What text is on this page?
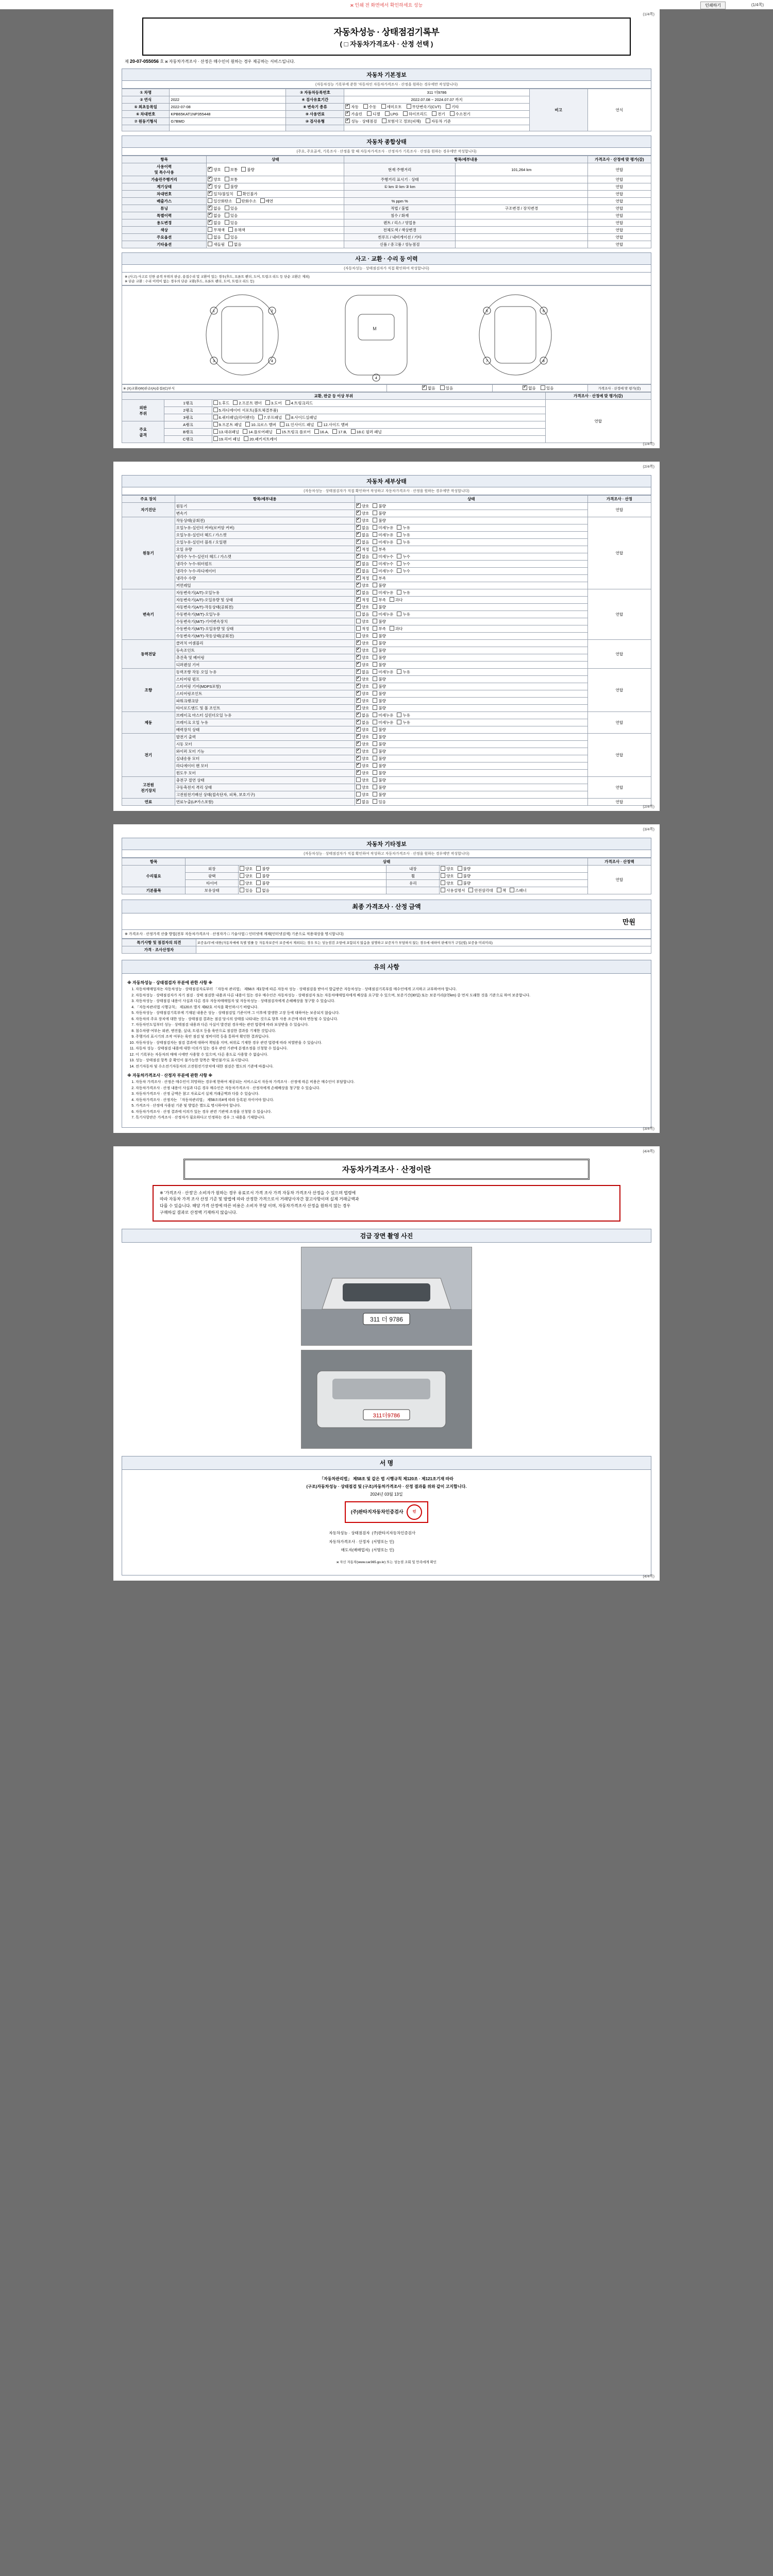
ж 인쇄 전 화면에서 확인하세요 성능	인쇄하기	(1/4쪽)
(1/4쪽)
자동차성능 · 상태점검기록부
( □ 자동차가격조사 · 산정 선택 )
제 20-07-055056 호 ж 자동차가격조사 · 산정은 매수인이 원하는 경우 제공하는 서비스입니다.
자동차 기본정보
(자동차성능 기록부에 준한 '자동차인 자동차가격조사 · 산정을 원하는 경우에만 작성합니다)
① 차명		③ 자동차등록번호	311 더9786	비고	연식
② 연식	2022	④ 검사유효기간	2022.07.08 ~ 2024.07.07 까지		
⑤ 최초등록일	2022-07-08	⑧ 변속기 종류	✔자동 수동 세미오토 무단변속기(CVT) 기타
⑥ 차대번호	KPB65KAT1NP355448	⑨ 사용연료	✔가솔린 디젤 LPG 하이브리드 전기 수소전기
⑦ 원동기형식	G7BMD	⑩ 검사유형	✔성능 · 상태점검 보험사고 정보(피해) 자동차 기준

자동차 종합상태
(주요, 주요골격, 기록조사 · 산정을 할 때 자동차가격조사 · 산정자가 기록조사 · 산정을 원하는 경우에만 작성합니다)
항목	상태	항목/세부내용		가격조사 · 산정에 맞 평가(감)
사용이력
및 특수사용	✔양호 보통 불량	현재 주행거리	101,264 km	연합
가솔린주행거리	✔양호 보통	주행거리 표시기 · 상태		연합
계기상태	✔정상 불량	① km ② km ③ km		연합
차대번호	✔일치/불일치 확인불가			연합
배출가스	일산화탄소 탄화수소 매연	% ppm %		연합
튜닝	✔없음 있음	적법 / 불법	구조변경 / 장치변경	연합
특별이력	✔없음 있음	침수 / 화재		연합
용도변경	✔없음 있음	렌트 / 리스 / 영업용		연합
색상	무채색 유채색	전체도색 / 색상변경		연합
주요옵션	없음 있음	썬루프 / 내비게이션 / 기타		연합
기타옵션	새들림 없음	신품 / 중고품 / 성능점검		연합
사고 · 교환 · 수리 등 이력
(자동차성능 · 상태점검자가 직접 확인하여 작성합니다)
※ (사고) 사고로 인한 골격 부위의 판금, 용접수리 및 교환이 있는 경우(후드, 프론트 펜더, 도어, 트렁크 리드 등 단순 교환은 제외)
※ 단순 교환 : 수리 이력이 없는 경우의 단순 교환(후드, 프론트 펜더, 도어, 트렁크 리드 등)
M
1	2
3	4
4
5	6
7	8
※ (X)교환/(W)판금/(A)용접/(C)부식	✔없음	있음	✔없음	있음	가격조사 · 산정에 맞 평가(감)
교환, 판금 등 이상 부위			가격조사 · 산정에 맞 평가(감)
외판
부위	1랭크	1.후드 2.프론트 펜더 3.도어 4.트렁크리드	연합
	2랭크	5.라디에이터 서포트(볼트체결부품)	
	3랭크	6.쿼터패널(리어펜더) 7.루프패널 8.사이드실패널	
주요
골격	A랭크	9.프론트 패널 10.크로스 멤버 11.인사이드 패널 12.사이드 멤버	
	B랭크	13.대쉬패널 14.플로어패널 15.트렁크 플로어 16.A, 17.B, 18.C 필러 패널	
	C랭크	19.리어 패널 20.패키지트레이	
(1/4쪽)
(2/4쪽)
자동차 세부상태
(자동차성능 · 상태점검자가 직접 확인하여 작성하고 자동차가격조사 · 산정을 원하는 경우에만 작성합니다)
주요 장치	항목/세부내용	상태	가격조사 · 산정
자기진단	원동기	✔양호 불량	연합
	변속기	✔양호 불량
원동기	작동상태(공회전)	✔양호 불량	연합
	오일누유-실린더 커버(로커암 커버)	✔없음 미세누유 누유
	오일누유-실린더 헤드 / 가스켓	✔없음 미세누유 누유
	오일누유-실린더 블록 / 오일팬	✔없음 미세누유 누유
	오일 유량	✔적정 부족
	냉각수 누수-실린더 헤드 / 가스켓	✔없음 미세누수 누수
	냉각수 누수-워터펌프	✔없음 미세누수 누수
	냉각수 누수-라디에이터	✔없음 미세누수 누수
	냉각수 수량	✔적정 부족
	커먼레일	✔양호 불량
변속기	자동변속기(A/T)-오일누유	✔없음 미세누유 누유	연합
	자동변속기(A/T)-오일유량 및 상태	✔적정 부족 과다
	자동변속기(A/T)-작동상태(공회전)	✔양호 불량
	수동변속기(M/T)-오일누유	없음 미세누유 누유	
	수동변속기(M/T)-기어변속장치	양호 불량	
	수동변속기(M/T)-오일유량 및 상태	적정 부족 과다	
	수동변속기(M/T)-작동상태(공회전)	양호 불량	
동력전달	클러치 어셈블리	✔양호 불량	연합
	등속조인트	✔양호 불량
	추진축 및 베어링	✔양호 불량
	디퍼렌셜 기어	✔양호 불량
조향	동력조향 작동 오일 누유	✔없음 미세누유 누유	연합
	스티어링 펌프	✔양호 불량
	스티어링 기어(MDPS포함)	✔양호 불량
	스티어링조인트	✔양호 불량
	파워크랭크암	✔양호 불량
	타이로드엔드 및 볼 조인트	✔양호 불량
제동	브레이크 마스터 실린더오일 누유	✔없음 미세누유 누유	연합
	브레이크 오일 누유	✔없음 미세누유 누유
	배력장치 상태	✔양호 불량
전기	발전기 출력	✔양호 불량	연합
	시동 모터	✔양호 불량
	와이퍼 모터 기능	✔양호 불량
	실내송풍 모터	✔양호 불량
	라디에이터 팬 모터	✔양호 불량
	윈도우 모터	✔양호 불량
고전원
전기장치	충전구 절연 상태	양호 불량	연합
	구동축전지 격리 상태	양호 불량	
	고전원전기배선 상태(접속단자, 피복, 보호기구)	양호 불량	
연료	연료누출(LP가스포함)	✔없음 있음	연합
(2/4쪽)
(3/4쪽)
자동차 기타정보
(자동차성능 · 상태점검자가 직접 확인하여 작성하고 자동차가격조사 · 산정을 원하는 경우에만 작성합니다)
항목	상태				가격조사 · 산정액
수리필요	외장	양호 불량	내장	양호 불량	연합
	광택	양호 불량	휠	양호 불량	
	타이어	양호 불량	유리	양호 불량	
기본품목	보유상태	있음 없음		사용설명서 안전삼각대 잭 스패너	
최종 가격조사 · 산정 금액
만원
※ 가격조사 · 산정가격 산출 방법(전부 자동차가격조사 · 산정자가 □ 기술사법 □ 인터넷에 게재(인터넷검색) 기준으로 적용대상을 명시합니다)
특기사항 및 점검자의 의견	보증유/무에 대한(자동차매매 특별 법률 등 자동차보증이 보증에서 제외되는 경우 또는 성능점검 조항에 포함되지 않음을 설명하고 보증자가 부담하지 않는 경우에 대하여 판매자가 구입(법) 보증을 미리미리)
가격 · 조사산정자	
유의 사항
※ 자동차성능 · 상태점검자 부분에 관한 사항 ※
1. 자동차매매업자는 자동차성능 · 상태점검자로부터 「자동차 관리법」 제58조 제1항에 따른 자동차 성능 · 상태점검을 받아서 발급받은 자동차성능 · 상태점검기록부를 매수인에게 고지하고 교부하여야 합니다.
2. 자동차성능 · 상태점검자가 자기 점검 · 상태 점검한 내용과 다른 내용이 있는 경우 매수인은 자동차성능 · 상태점검자 또는 자동차매매업자에게 배상을 요구할 수 있으며, 보증기간(30일) 또는 보증거리(2천km) 중 먼저 도래한 것을 기준으로 하여 보증합니다.
3. 자동차성능 · 상태점검 내용이 사실과 다른 경우 자동차매매업자 및 자동차성능 · 상태점검자에게 손해배상을 청구할 수 있습니다.
4. 「자동차관리법 시행규칙」 제120조 별지 제82호 서식을 확인하시기 바랍니다.
5. 자동차성능 · 상태점검기록부에 기재된 내용은 성능 · 상태점검일 기준이며 그 이후에 발생한 고장 등에 대하여는 보증되지 않습니다.
6. 자동차의 주요 장치에 대한 성능 · 상태점검 결과는 점검 당시의 상태를 나타내는 것으로 향후 사용 조건에 따라 변동될 수 있습니다.
7. 자동차인도일부터 성능 · 상태점검 내용과 다른 사실이 발견된 경우에는 관련 법령에 따라 보상받을 수 있습니다.
8. 침수차량 여부는 외관, 엔진룸, 실내, 트렁크 등을 육안으로 점검한 결과를 기재한 것입니다.
9. 주행거리 표시기의 조작 여부는 육안 점검 및 정비이력 등을 통하여 확인한 결과입니다.
10. 자동차성능 · 상태점검자는 점검 결과에 대하여 책임을 지며, 허위로 기재한 경우 관련 법령에 따라 처벌받을 수 있습니다.
11. 자동차 성능 · 상태점검 내용에 대한 이의가 있는 경우 관련 기관에 분쟁조정을 신청할 수 있습니다.
12. 이 기록부는 자동차의 매매 시에만 사용할 수 있으며, 다른 용도로 사용할 수 없습니다.
13. 성능 · 상태점검 항목 중 확인이 불가능한 항목은 '확인불가'로 표시합니다.
14. 전기자동차 및 수소전기자동차의 고전원전기장치에 대한 점검은 별도의 기준에 따릅니다.
※ 자동차가격조사 · 산정자 부분에 관한 사항 ※
1. 자동차 가격조사 · 산정은 매수인이 희망하는 경우에 한하여 제공되는 서비스로서 자동차 가격조사 · 산정에 따른 비용은 매수인이 부담합니다.
2. 자동차가격조사 · 산정 내용이 사실과 다른 경우 매수인은 자동차가격조사 · 산정자에게 손해배상을 청구할 수 있습니다.
3. 자동차가격조사 · 산정 금액은 참고 자료로서 실제 거래금액과 다를 수 있습니다.
4. 자동차가격조사 · 산정자는 「자동차관리법」 제58조의4에 따라 등록된 자이어야 합니다.
5. 가격조사 · 산정에 사용된 기준 및 방법은 별도로 명시하여야 합니다.
6. 자동차가격조사 · 산정 결과에 이의가 있는 경우 관련 기관에 조정을 신청할 수 있습니다.
7. 특기사항란은 가격조사 · 산정자가 필요하다고 인정하는 경우 그 내용을 기재합니다.
(3/4쪽)
(4/4쪽)
자동차가격조사 · 산정이란
※ '가격조사 · 산정'은 소비자가 원하는 경우 유료로서 가격 조사 가격 자동차 가격조사 산정을 수 있으며 법령에
따라 자동차 가격 조사 산정 기준 및 방법에 따라 산정한 가격으로서 거래당사자간 참고사항이며 실제 거래금액과
다를 수 있습니다. 해당 가격 산정에 따른 비용은 소비자 부담 이며, 자동차가격조사 산정을 원하지 않는 경우
구매하실 결과로 산정액 기재하지 않습니다.
검급 장면 촬영 사진
311 더 9786
311더9786
서 명
「자동차관리법」 제58조 및 같은 법 시행규칙 제120조 · 제121조기재 따라
(구조)자동차성능 · 상태점검 및 (구조)자동차가격조사 · 산정 결과를 위와 같이 고지합니다.
2024년 03월 13일
(주)판타지자동차인증검사	인
자동차성능 · 상태점검자	(주)판타지자동차인증검사
자동차가격조사 · 산정자	(서명또는 인)
매도자(매매업자)	(서명또는 인)
ж 자신 자동차(www.car365.go.kr) 또는 성능점 조회 및 만족에게 확인
(4/4쪽)
